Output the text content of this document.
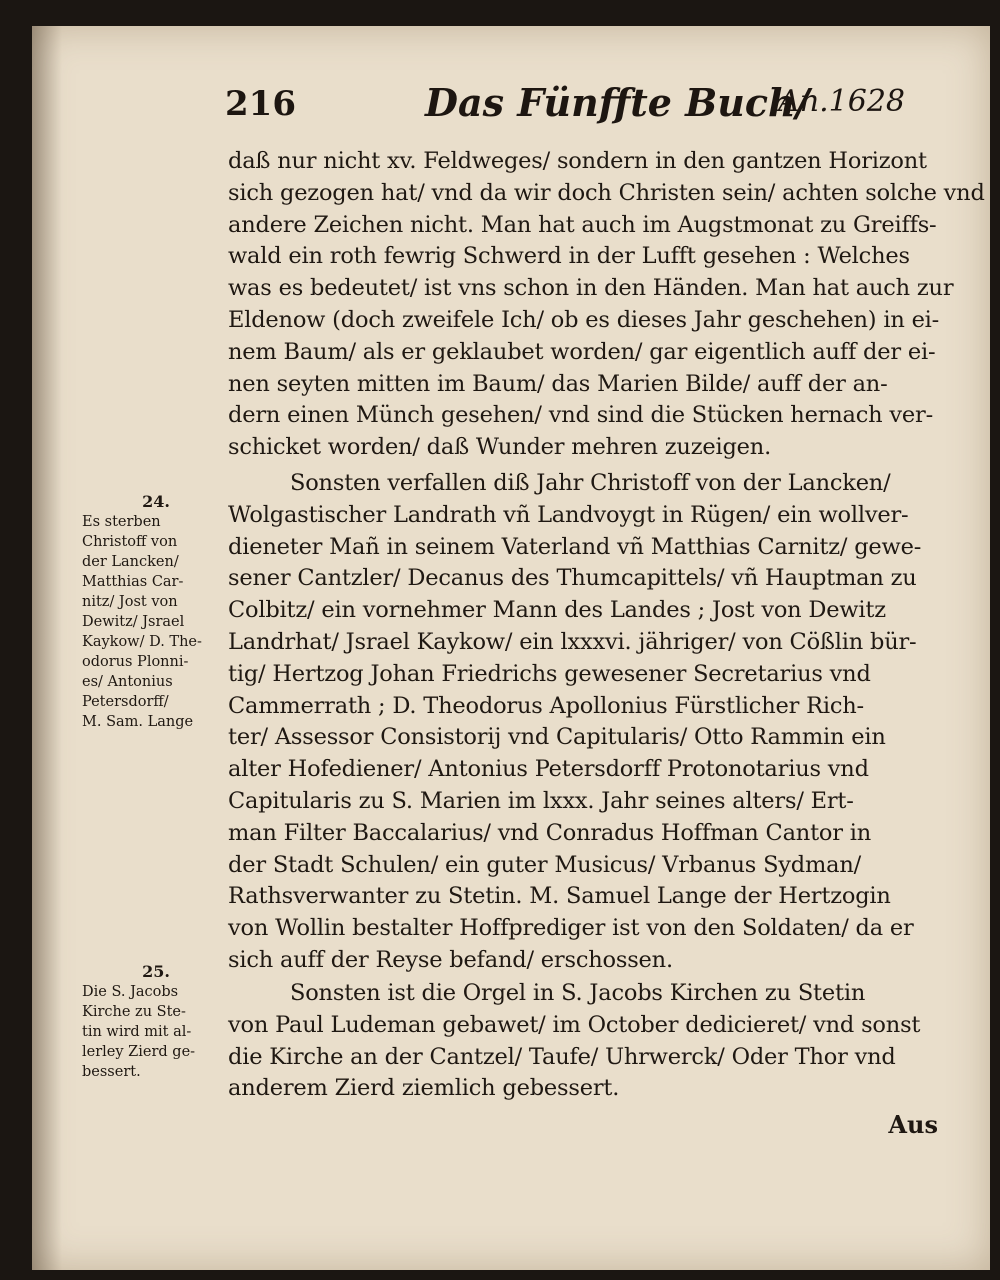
216	Das Fünffte Buch/
An.1628
daß nur nicht xv. Feldweges/ sondern in den gantzen Horizont
sich gezogen hat/ vnd da wir doch Christen sein/ achten solche vnd
andere Zeichen nicht. Man hat auch im Augstmonat zu Greiffs-
wald ein roth fewrig Schwerd in der Lufft gesehen : Welches
was es bedeutet/ ist vns schon in den Händen. Man hat auch zur
Eldenow (doch zweifele Ich/ ob es dieses Jahr geschehen) in ei-
nem Baum/ als er geklaubet worden/ gar eigentlich auff der ei-
nen seyten mitten im Baum/ das Marien Bilde/ auff der an-
dern einen Münch gesehen/ vnd sind die Stücken hernach ver-
schicket worden/ daß Wunder mehren zuzeigen.
Sonsten verfallen diß Jahr Christoff von der Lancken/
Wolgastischer Landrath vñ Landvoygt in Rügen/ ein wollver-
dieneter Mañ in seinem Vaterland vñ Matthias Carnitz/ gewe-
sener Cantzler/ Decanus des Thumcapittels/ vñ Hauptman zu
Colbitz/ ein vornehmer Mann des Landes ; Jost von Dewitz
Landrhat/ Jsrael Kaykow/ ein lxxxvi. jähriger/ von Cößlin bür-
tig/ Hertzog Johan Friedrichs gewesener Secretarius vnd
Cammerrath ; D. Theodorus Apollonius Fürstlicher Rich-
ter/ Assessor Consistorij vnd Capitularis/ Otto Rammin ein
alter Hofediener/ Antonius Petersdorff Protonotarius vnd
Capitularis zu S. Marien im lxxx. Jahr seines alters/ Ert-
man Filter Baccalarius/ vnd Conradus Hoffman Cantor in
der Stadt Schulen/ ein guter Musicus/ Vrbanus Sydman/
Rathsverwanter zu Stetin. M. Samuel Lange der Hertzogin
von Wollin bestalter Hoffprediger ist von den Soldaten/ da er
sich auff der Reyse befand/ erschossen.
Sonsten ist die Orgel in S. Jacobs Kirchen zu Stetin
von Paul Ludeman gebawet/ im October dedicieret/ vnd sonst
die Kirche an der Cantzel/ Taufe/ Uhrwerck/ Oder Thor vnd
anderem Zierd ziemlich gebessert.
24.
Es sterben
Christoff von
der Lancken/
Matthias Car-
nitz/ Jost von
Dewitz/ Jsrael
Kaykow/ D. The-
odorus Plonni-
es/ Antonius
Petersdorff/
M. Sam. Lange
25.
Die S. Jacobs
Kirche zu Ste-
tin wird mit al-
lerley Zierd ge-
bessert.
Aus
